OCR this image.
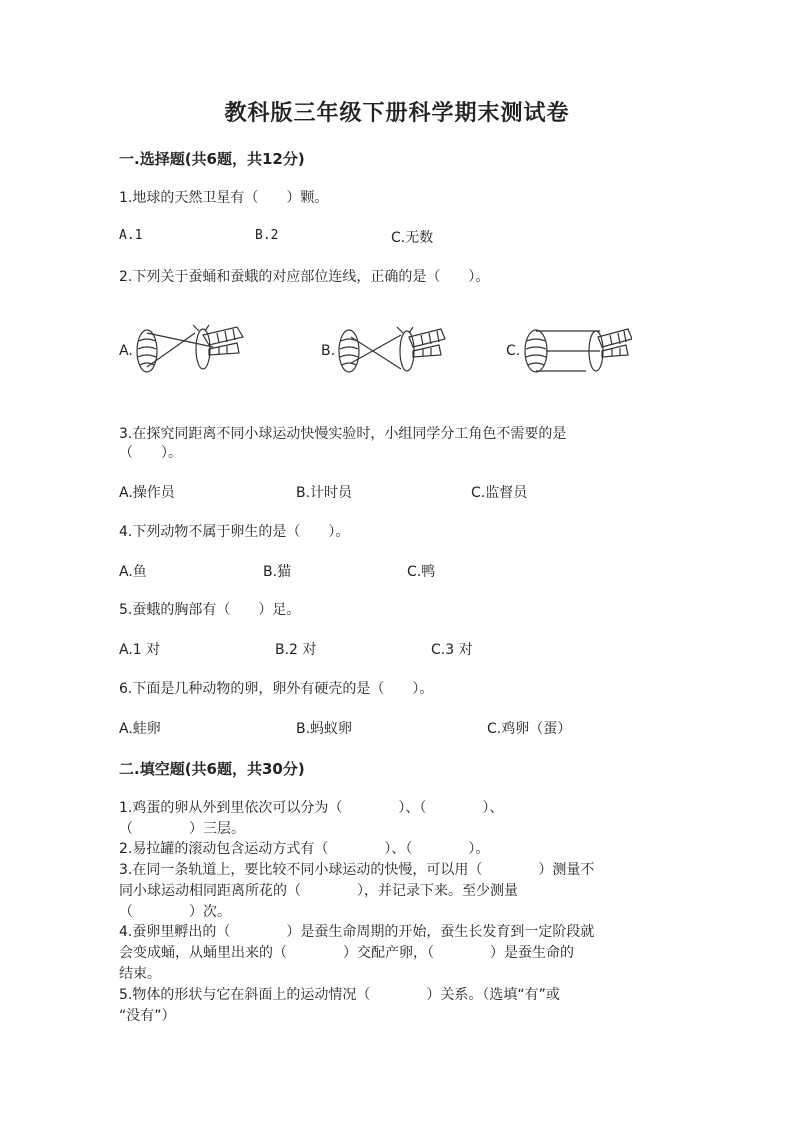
教科版三年级下册科学期末测试卷
一.选择题(共6题，共12分)
1.地球的天然卫星有（　　）颗。
A.1	B.2	C.无数
2.下列关于蚕蛹和蚕蛾的对应部位连线，正确的是（　　）。
A.	B.	C.
3.在探究同距离不同小球运动快慢实验时，小组同学分工角色不需要的是
（　　）。
A.操作员	B.计时员	C.监督员
4.下列动物不属于卵生的是（　　）。
A.鱼	B.猫	C.鸭
5.蚕蛾的胸部有（　　）足。
A.1 对	B.2 对	C.3 对
6.下面是几种动物的卵，卵外有硬壳的是（　　）。
A.蛙卵	B.蚂蚁卵	C.鸡卵（蛋）
二.填空题(共6题，共30分)
1.鸡蛋的卵从外到里依次可以分为（　　　　）、（　　　　）、
（　　　　）三层。
2.易拉罐的滚动包含运动方式有（　　　　）、（　　　　）。
3.在同一条轨道上，要比较不同小球运动的快慢，可以用（　　　　）测量不
同小球运动相同距离所花的（　　　　），并记录下来。至少测量
（　　　　）次。
4.蚕卵里孵出的（　　　　）是蚕生命周期的开始，蚕生长发育到一定阶段就
会变成蛹，从蛹里出来的（　　　　）交配产卵，（　　　　）是蚕生命的
结束。
5.物体的形状与它在斜面上的运动情况（　　　　）关系。（选填“有”或
“没有”）
